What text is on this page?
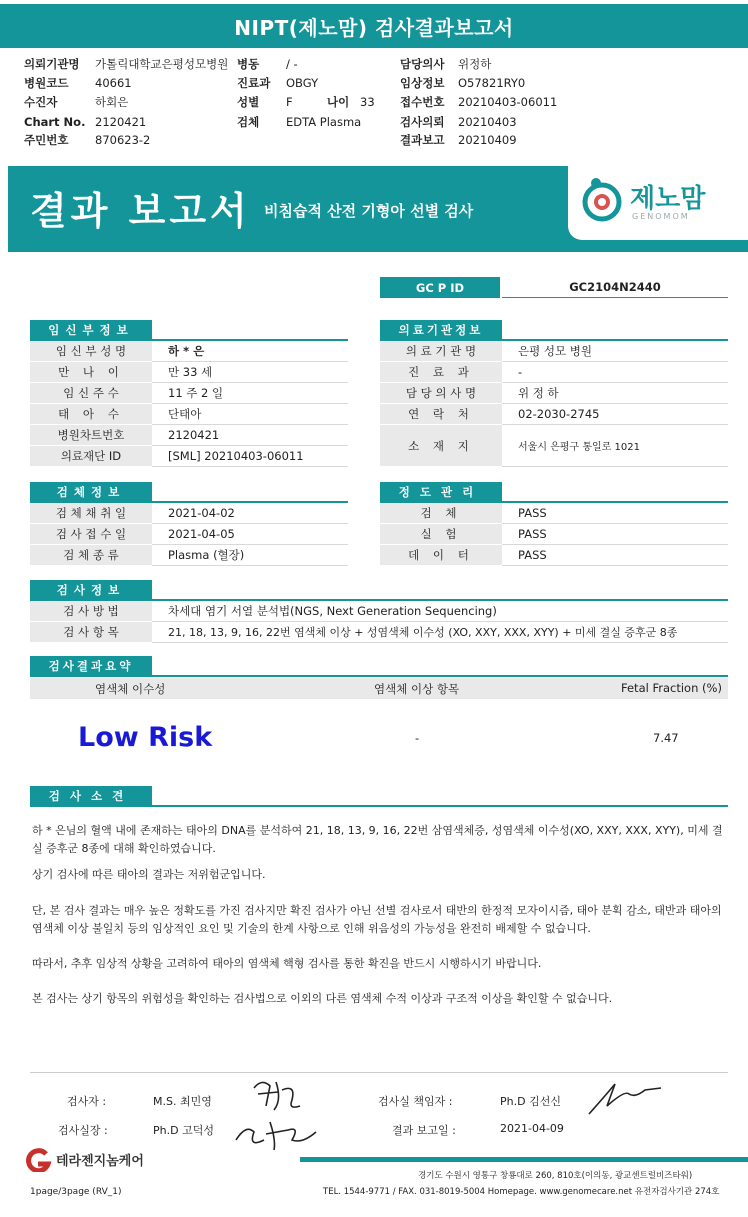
NIPT(제노맘) 검사결과보고서
의뢰기관명 가톨릭대학교은평성모병원 병동 / -	담당의사 위정하
병원코드 40661	진료과 OBGY	임상정보 O57821RY0
수진자	하회은	성별 F	나이 33 접수번호 20210403-06011
Chart No. 2120421	검체 EDTA Plasma	검사의뢰 20210403
주민번호 870623-2	결과보고 20210409
결과 보고서 비침습적 산전 기형아 선별 검사	제노맘
GENOMOM
GC P ID	GC2104N2440
임신부정보
임 신 부 성 명	하 * 은
만 나 이	만 33 세
임 신 주 수	11 주 2 일
태 아 수	단태아
병원차트번호	2120421
의료재단 ID	[SML] 20210403-06011
의료기관정보
의 료 기 관 명	은평 성모 병원
진 료 과	-
담 당 의 사 명	위 정 하
연 락 처	02-2030-2745
소 재 지	서울시 은평구 통일로 1021
검체정보
검 체 채 취 일	2021-04-02
검 사 접 수 일	2021-04-05
검 체 종 류	Plasma (혈장)
정도관리
검 체	PASS
실 험	PASS
데 이 터	PASS
검사정보
검 사 방 법	차세대 염기 서열 분석법(NGS, Next Generation Sequencing)
검 사 항 목	21, 18, 13, 9, 16, 22번 염색체 이상 + 성염색체 이수성 (XO, XXY, XXX, XYY) + 미세 결실 증후군 8종
검사결과요약
염색체 이수성	염색체 이상 항목	Fetal Fraction (%)
Low Risk	-	7.47
검사소견

하 * 은님의 혈액 내에 존재하는 태아의 DNA를 분석하여 21, 18, 13, 9, 16, 22번 삼염색체증, 성염색체 이수성(XO, XXY, XXX, XYY), 미세 결실 증후군 8종에 대해 확인하였습니다.

상기 검사에 따른 태아의 결과는 저위험군입니다.

단, 본 검사 결과는 매우 높은 정확도를 가진 검사지만 확진 검사가 아닌 선별 검사로서 태반의 한정적 모자이시즘, 태아 분획 감소, 태반과 태아의 염색체 이상 불일치 등의 임상적인 요인 및 기술의 한계 사항으로 인해 위음성의 가능성을 완전히 배제할 수 없습니다.

따라서, 추후 임상적 상황을 고려하여 태아의 염색체 핵형 검사를 통한 확진을 반드시 시행하시기 바랍니다.

본 검사는 상기 항목의 위험성을 확인하는 검사법으로 이외의 다른 염색체 수적 이상과 구조적 이상을 확인할 수 없습니다.

검사자 :	M.S. 최민영	검사실 책임자 :	Ph.D 김선신
검사실장 :	Ph.D 고덕성	결과 보고일 :	2021-04-09
테라젠지놈케어
경기도 수원시 영통구 창룡대로 260, 810호(이의동, 광교센트럴비즈타워)
1page/3page (RV_1)	TEL. 1544-9771 / FAX. 031-8019-5004 Homepage. www.genomecare.net 유전자검사기관 274호
